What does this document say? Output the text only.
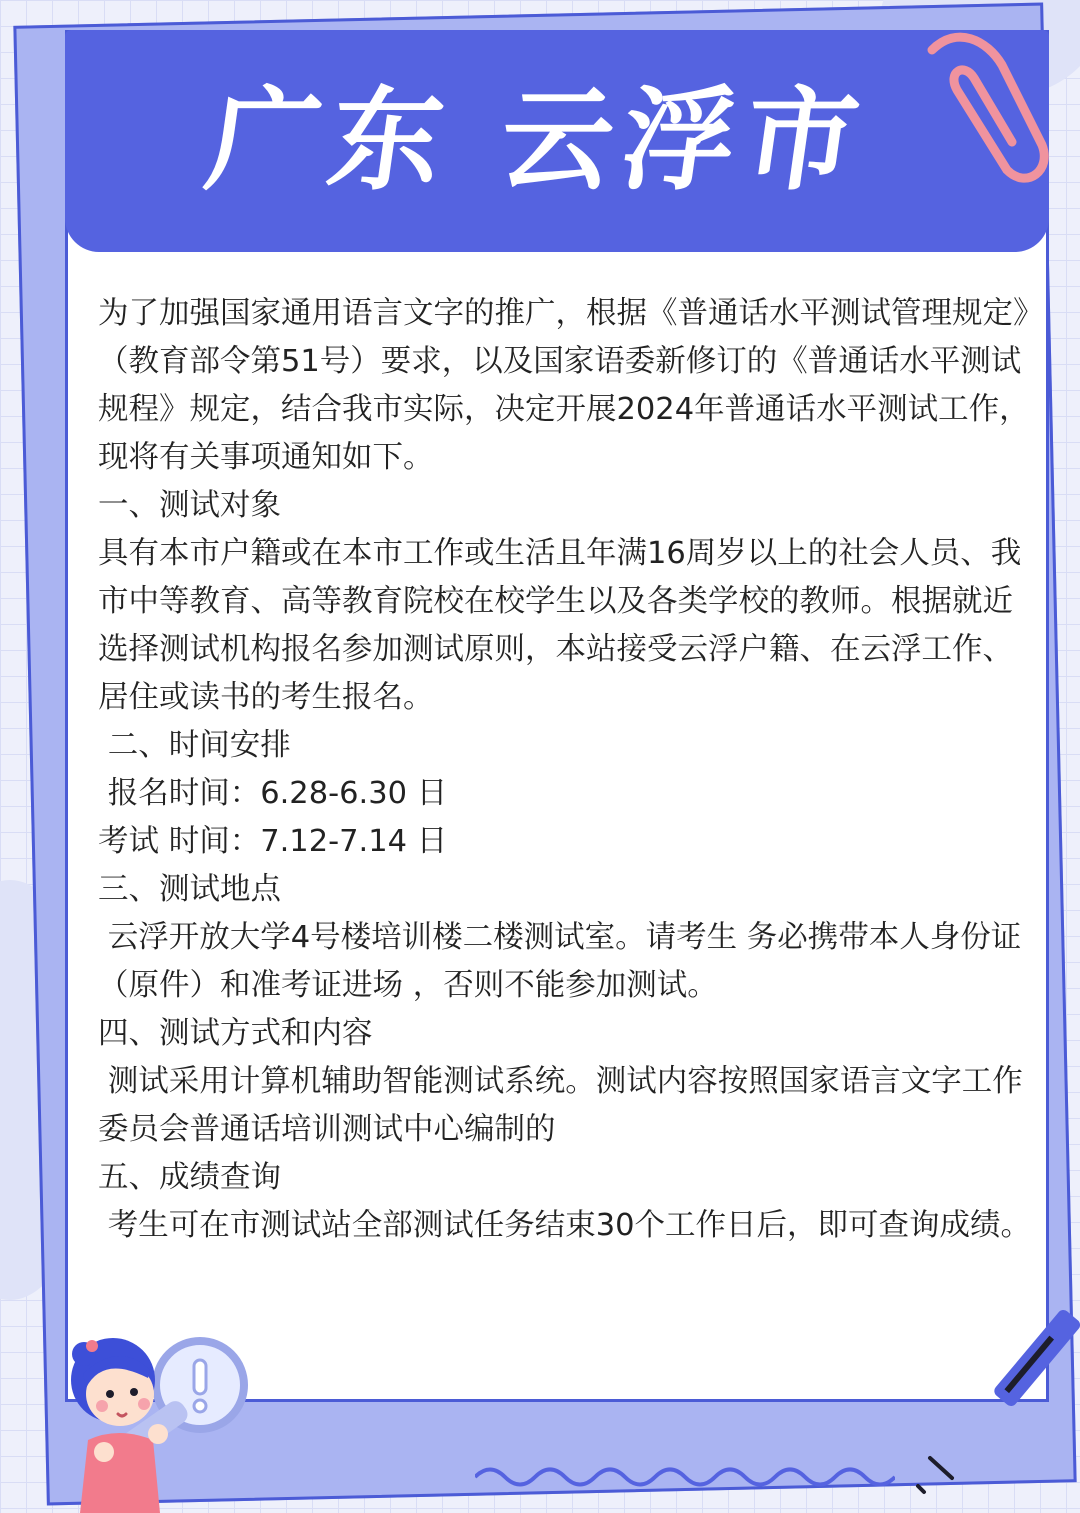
广东 云浮市

为了加强国家通用语言文字的推广，根据《普通话水平测试管理规定》（教育部令第51号）要求，以及国家语委新修订的《普通话水平测试规程》规定，结合我市实际，决定开展2024年普通话水平测试工作，现将有关事项通知如下。

一、测试对象

具有本市户籍或在本市工作或生活且年满16周岁以上的社会人员、我市中等教育、高等教育院校在校学生以及各类学校的教师。根据就近选择测试机构报名参加测试原则，本站接受云浮户籍、在云浮工作、居住或读书的考生报名。

二、时间安排

报名时间：6.28-6.30 日

考试 时间：7.12-7.14 日

三、测试地点

云浮开放大学4号楼培训楼二楼测试室。请考生 务必携带本人身份证（原件）和准考证进场 ，否则不能参加测试。

四、测试方式和内容

测试采用计算机辅助智能测试系统。测试内容按照国家语言文字工作委员会普通话培训测试中心编制的

五、成绩查询

考生可在市测试站全部测试任务结束30个工作日后，即可查询成绩。
